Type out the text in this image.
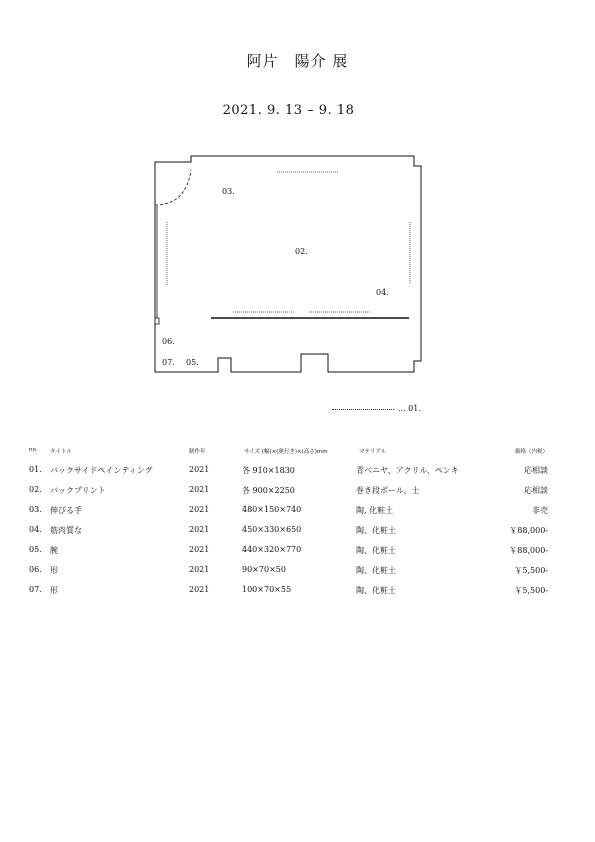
阿片　陽介 展
2021. 9. 13 – 9. 18
03.
02.
04.
06.
07. 05.
... 01.
no. タイトル	制作年	サイズ (幅)×(奥行き)×(高さ)mm	マテリアル	価格（内税）
01. バックサイドペインティング	2021	各 910×1830	青ベニヤ、アクリル、ペンキ	応相談
02. バックプリント	2021	各 900×2250	巻き段ボール、土	応相談
03. 伸びる手	2021	480×150×740	陶, 化粧土	非売
04. 筋肉質な	2021	450×330×650	陶、化粧土	￥88,000-
05. 腕	2021	440×320×770	陶、化粧土	￥88,000-
06. 形	2021	90×70×50	陶、化粧土	￥5,500-
07. 形	2021	100×70×55	陶、化粧土	￥5,500-
